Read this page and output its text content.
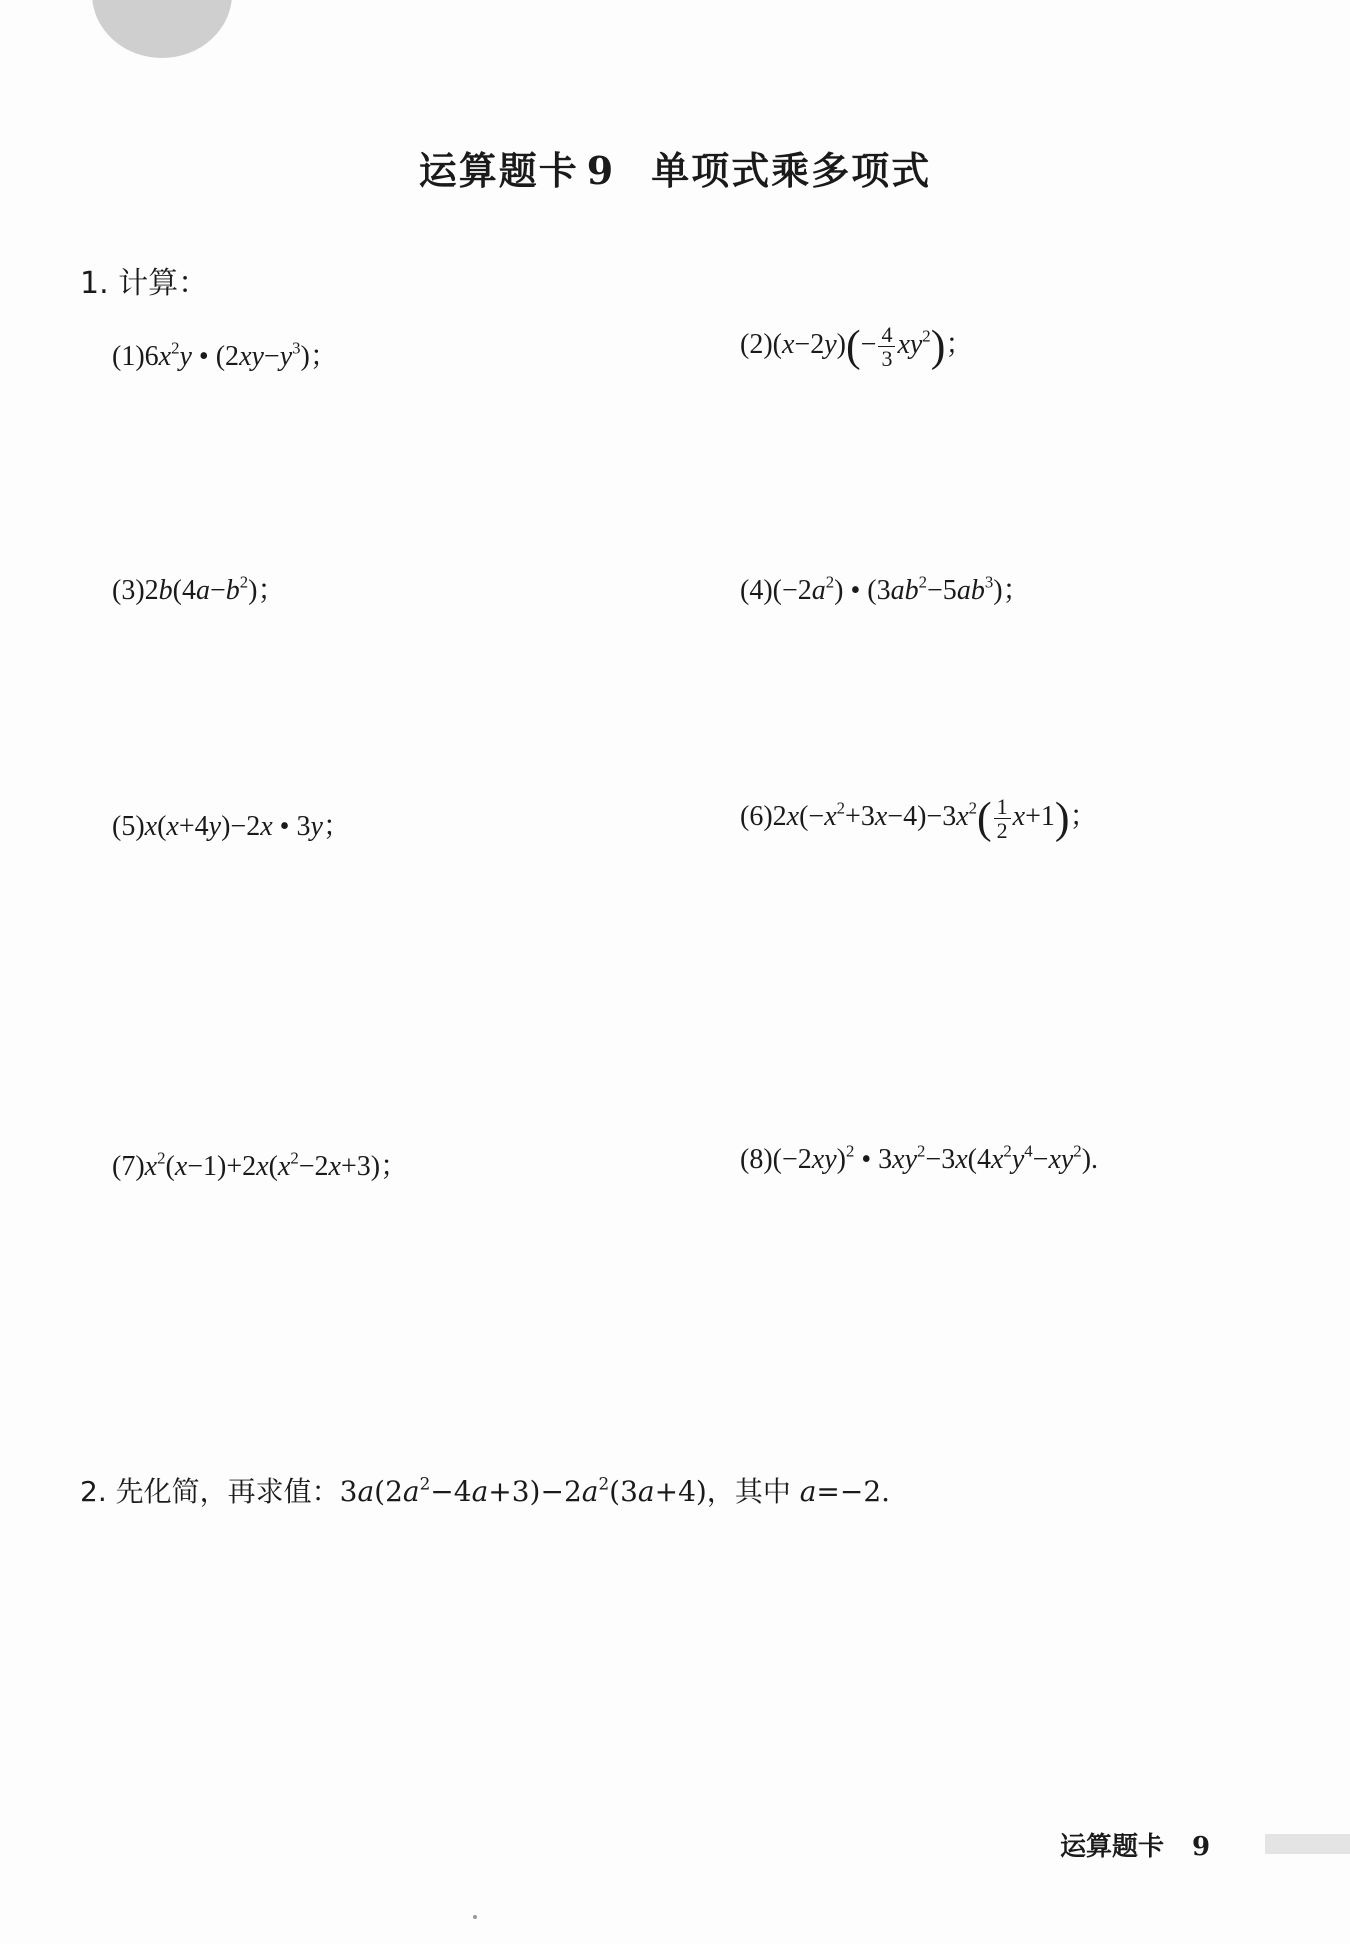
运算题卡 9 单项式乘多项式
1. 计算：
$(1)6x^2y$ • $(2xy-y^3)$；	$(2)(x-2y)(- \frac{4}{3} xy^2)$；
$(3)2b(4a-b^2)$；	$(4)(-2a^2)$ • $(3ab^2-5ab^3)$；
(5)x(x+4y)−2x • 3y；	$(6)2x(-x^2+3x-4)-3x^2( \frac{1}{2} x+1)$；
$(7)x^2(x-1)+2x(x^2-2x+3)$；	$(8)(-2xy)^2$ • $3xy^2-3x(4x^2y^4-xy^2)$.
2. 先化简，再求值：$3a(2a^2-4a+3)-2a^2(3a+4)$，其中 a=−2.
运算题卡 9
